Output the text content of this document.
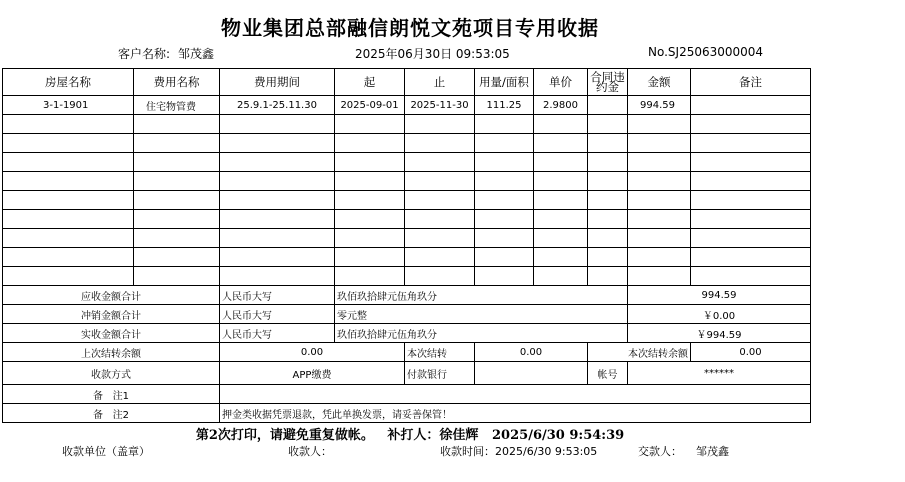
物业集团总部融信朗悦文苑项目专用收据
客户名称: 邹茂鑫	2025年06月30日 09:53:05	No.SJ25063000004
房屋名称	费用名称	费用期间	起	止	用量/面积	单价	合同违约金	金额	备注
3-1-1901	住宅物管费	25.9.1-25.11.30	2025-09-01	2025-11-30	111.25	2.9800		994.59	

应收金额合计		人民币大写	玖佰玖拾肆元伍角玖分					994.59	
冲销金额合计		人民币大写	零元整					￥0.00	
实收金额合计		人民币大写	玖佰玖拾肆元伍角玖分					￥994.59	
上次结转余额		0.00		本次结转	0.00		本次结转余额		0.00
收款方式		APP缴费		付款银行			帐号	******	
备   注1									
备   注2		押金类收据凭票退款，凭此单换发票，请妥善保管！							
第2次打印，请避免重复做帐。   补打人：徐佳辉   2025/6/30 9:54:39
收款单位（盖章）	收款人：	收款时间：2025/6/30 9:53:05	交款人： 邹茂鑫
